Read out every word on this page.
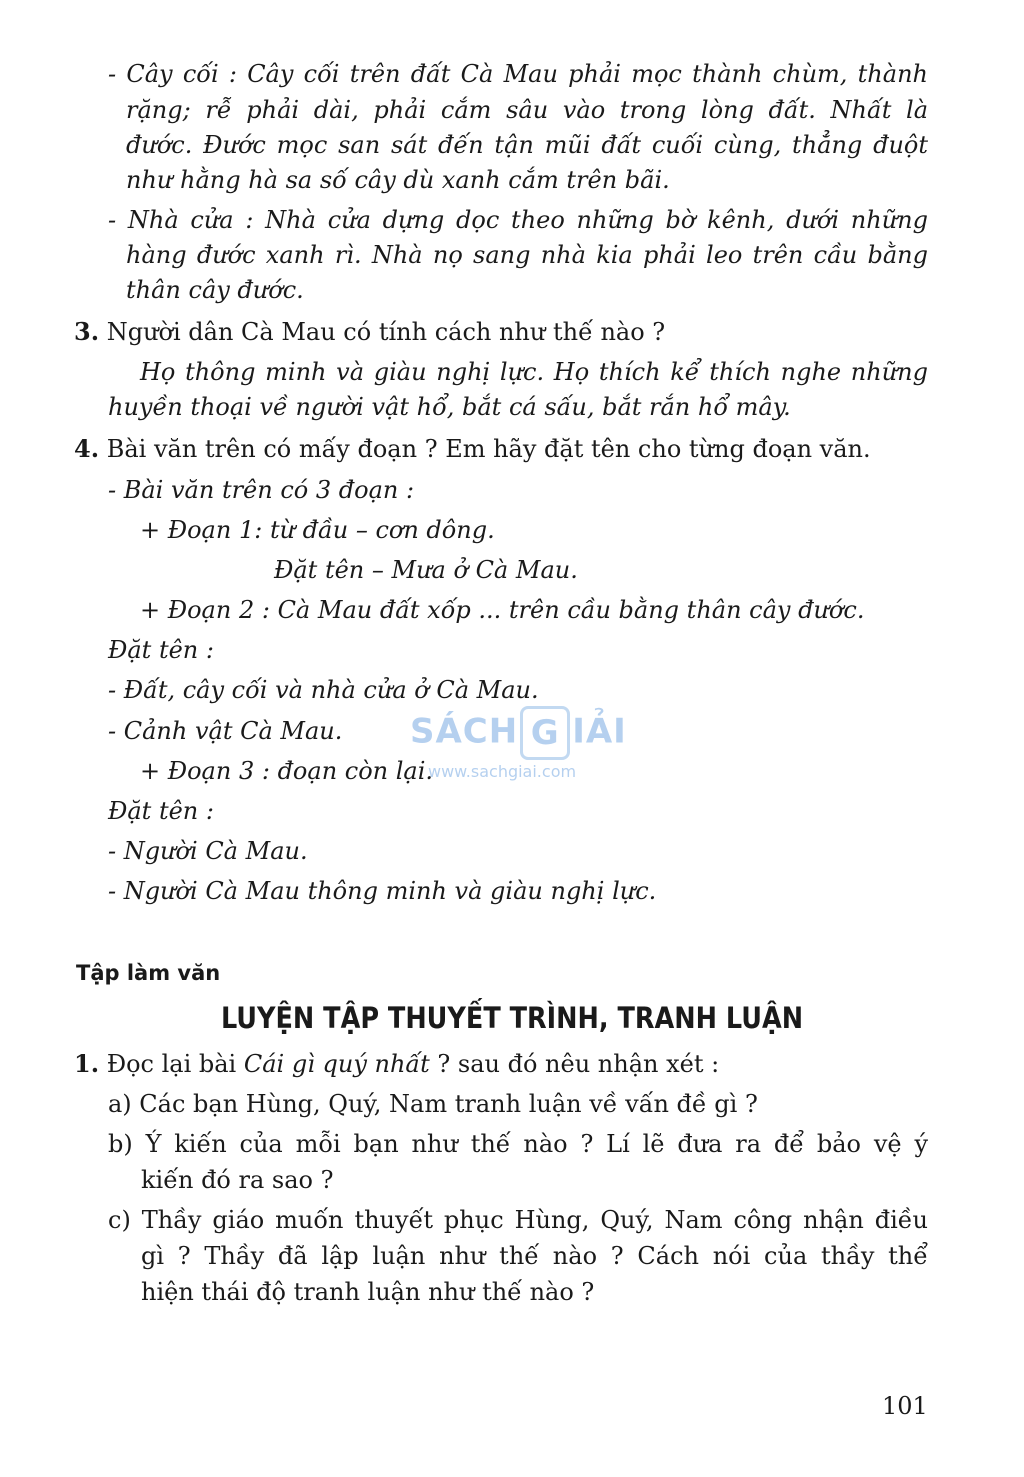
SÁCH G IẢI
www.sachgiai.com
- Cây cối : Cây cối trên đất Cà Mau phải mọc thành chùm, thành
rặng; rễ phải dài, phải cắm sâu vào trong lòng đất. Nhất là
đước. Đước mọc san sát đến tận mũi đất cuối cùng, thẳng đuột
như hằng hà sa số cây dù xanh cắm trên bãi.
- Nhà cửa : Nhà cửa dựng dọc theo những bờ kênh, dưới những
hàng đước xanh rì. Nhà nọ sang nhà kia phải leo trên cầu bằng
thân cây đước.
3. Người dân Cà Mau có tính cách như thế nào ?
Họ thông minh và giàu nghị lực. Họ thích kể thích nghe những
huyền thoại về người vật hổ, bắt cá sấu, bắt rắn hổ mây.
4. Bài văn trên có mấy đoạn ? Em hãy đặt tên cho từng đoạn văn.
- Bài văn trên có 3 đoạn :
+ Đoạn 1: từ đầu – cơn dông.
Đặt tên – Mưa ở Cà Mau.
+ Đoạn 2 : Cà Mau đất xốp ... trên cầu bằng thân cây đước.
Đặt tên :
- Đất, cây cối và nhà cửa ở Cà Mau.
- Cảnh vật Cà Mau.
+ Đoạn 3 : đoạn còn lại.
Đặt tên :
- Người Cà Mau.
- Người Cà Mau thông minh và giàu nghị lực.
Tập làm văn
LUYỆN TẬP THUYẾT TRÌNH, TRANH LUẬN
1. Đọc lại bài Cái gì quý nhất ? sau đó nêu nhận xét :
a) Các bạn Hùng, Quý, Nam tranh luận về vấn đề gì ?
b) Ý kiến của mỗi bạn như thế nào ? Lí lẽ đưa ra để bảo vệ ý
kiến đó ra sao ?
c) Thầy giáo muốn thuyết phục Hùng, Quý, Nam công nhận điều
gì ? Thầy đã lập luận như thế nào ? Cách nói của thầy thể
hiện thái độ tranh luận như thế nào ?
101
